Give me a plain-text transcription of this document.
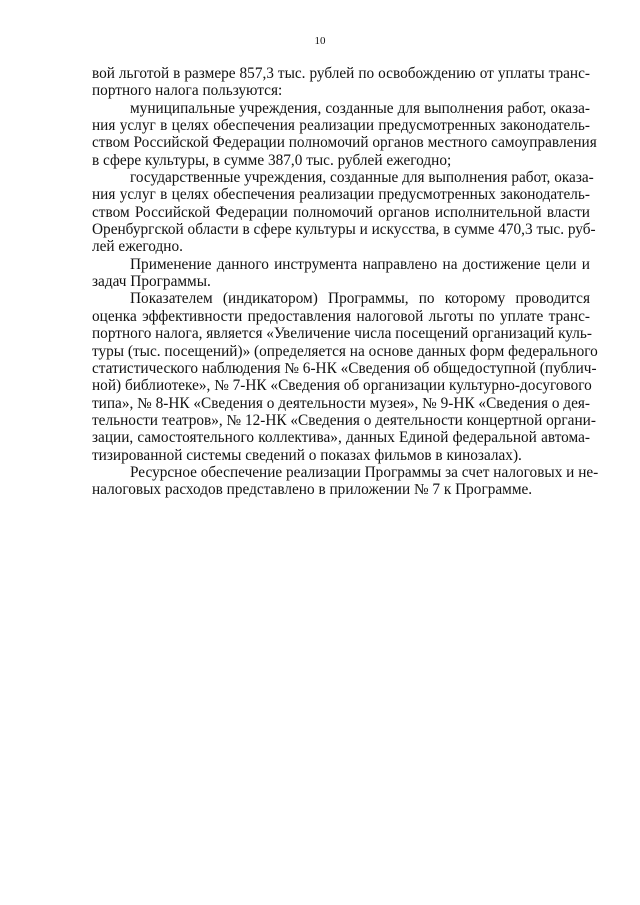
10
вой льготой в размере 857,3 тыс. рублей по освобождению от уплаты транс-
портного налога пользуются:
муниципальные учреждения, созданные для выполнения работ, оказа-
ния услуг в целях обеспечения реализации предусмотренных законодатель-
ством Российской Федерации полномочий органов местного самоуправления
в сфере культуры, в сумме 387,0 тыс. рублей ежегодно;
государственные учреждения, созданные для выполнения работ, оказа-
ния услуг в целях обеспечения реализации предусмотренных законодатель-
ством Российской Федерации полномочий органов исполнительной власти
Оренбургской области в сфере культуры и искусства, в сумме 470,3 тыс. руб-
лей ежегодно.
Применение данного инструмента направлено на достижение цели и
задач Программы.
Показателем (индикатором) Программы, по которому проводится
оценка эффективности предоставления налоговой льготы по уплате транс-
портного налога, является «Увеличение числа посещений организаций куль-
туры (тыс. посещений)» (определяется на основе данных форм федерального
статистического наблюдения № 6-НК «Сведения об общедоступной (публич-
ной) библиотеке», № 7-НК «Сведения об организации культурно-досугового
типа», № 8-НК «Сведения о деятельности музея», № 9-НК «Сведения о дея-
тельности театров», № 12-НК «Сведения о деятельности концертной органи-
зации, самостоятельного коллектива», данных Единой федеральной автома-
тизированной системы сведений о показах фильмов в кинозалах).
Ресурсное обеспечение реализации Программы за счет налоговых и не-
налоговых расходов представлено в приложении № 7 к Программе.
